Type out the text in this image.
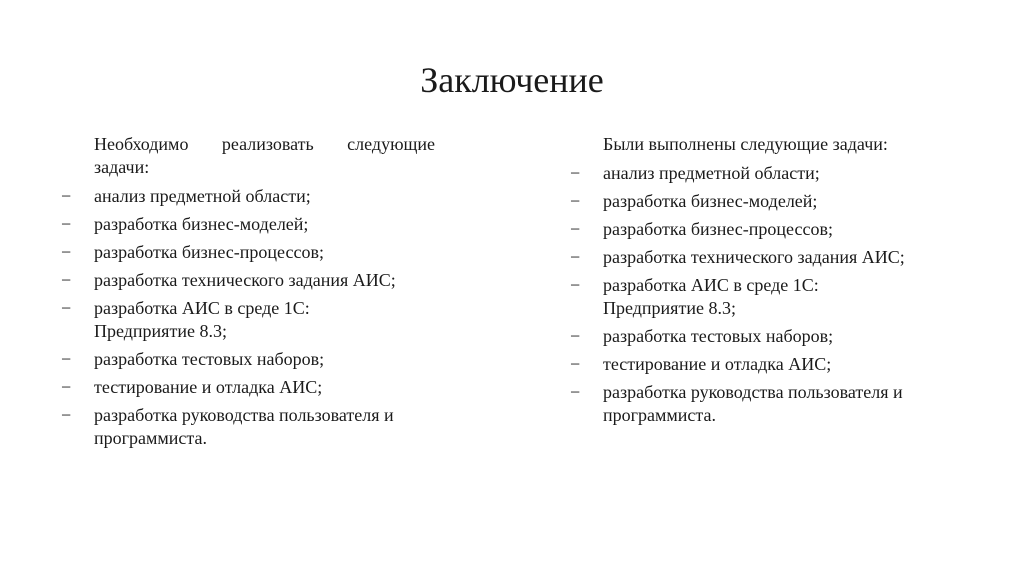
Заключение
Необходимо реализовать следующие
задачи:
−	анализ предметной области;
−	разработка бизнес-моделей;
−	разработка бизнес-процессов;
−	разработка технического задания АИС;
−	разработка АИС в среде 1С: Предприятие 8.3;
−	разработка тестовых наборов;
−	тестирование и отладка АИС;
−	разработка руководства пользователя и программиста.
Были выполнены следующие задачи:
−	анализ предметной области;
−	разработка бизнес-моделей;
−	разработка бизнес-процессов;
−	разработка технического задания АИС;
−	разработка АИС в среде 1С: Предприятие 8.3;
−	разработка тестовых наборов;
−	тестирование и отладка АИС;
−	разработка руководства пользователя и программиста.
